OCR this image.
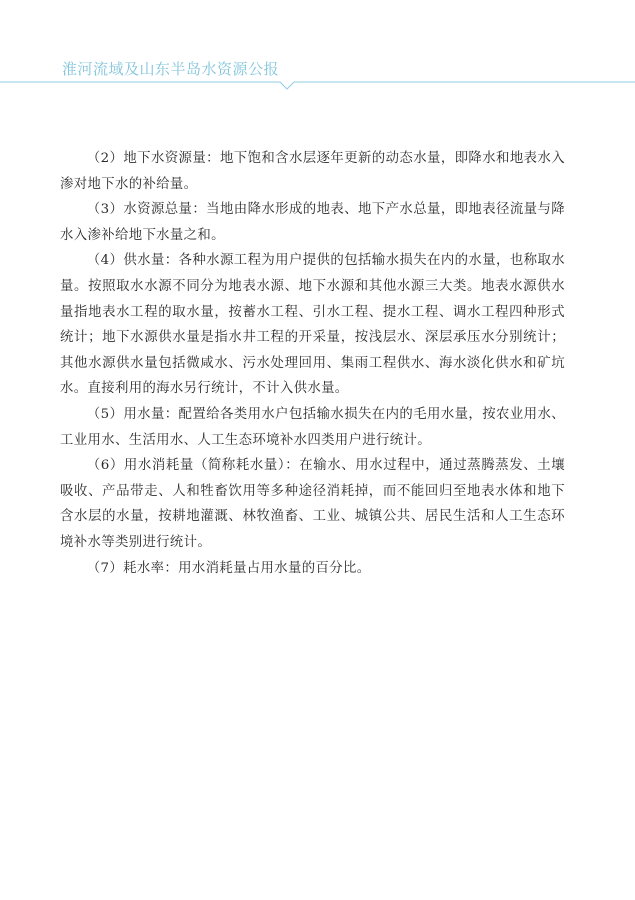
淮河流域及山东半岛水资源公报

（2）地下水资源量：地下饱和含水层逐年更新的动态水量，即降水和地表水入渗对地下水的补给量。

（3）水资源总量：当地由降水形成的地表、地下产水总量，即地表径流量与降水入渗补给地下水量之和。

（4）供水量：各种水源工程为用户提供的包括输水损失在内的水量，也称取水量。按照取水水源不同分为地表水源、地下水源和其他水源三大类。地表水源供水量指地表水工程的取水量，按蓄水工程、引水工程、提水工程、调水工程四种形式统计；地下水源供水量是指水井工程的开采量，按浅层水、深层承压水分别统计；其他水源供水量包括微咸水、污水处理回用、集雨工程供水、海水淡化供水和矿坑水。直接利用的海水另行统计，不计入供水量。

（5）用水量：配置给各类用水户包括输水损失在内的毛用水量，按农业用水、工业用水、生活用水、人工生态环境补水四类用户进行统计。

（6）用水消耗量（简称耗水量）：在输水、用水过程中，通过蒸腾蒸发、土壤吸收、产品带走、人和牲畜饮用等多种途径消耗掉，而不能回归至地表水体和地下含水层的水量，按耕地灌溉、林牧渔畜、工业、城镇公共、居民生活和人工生态环境补水等类别进行统计。

（7）耗水率：用水消耗量占用水量的百分比。
